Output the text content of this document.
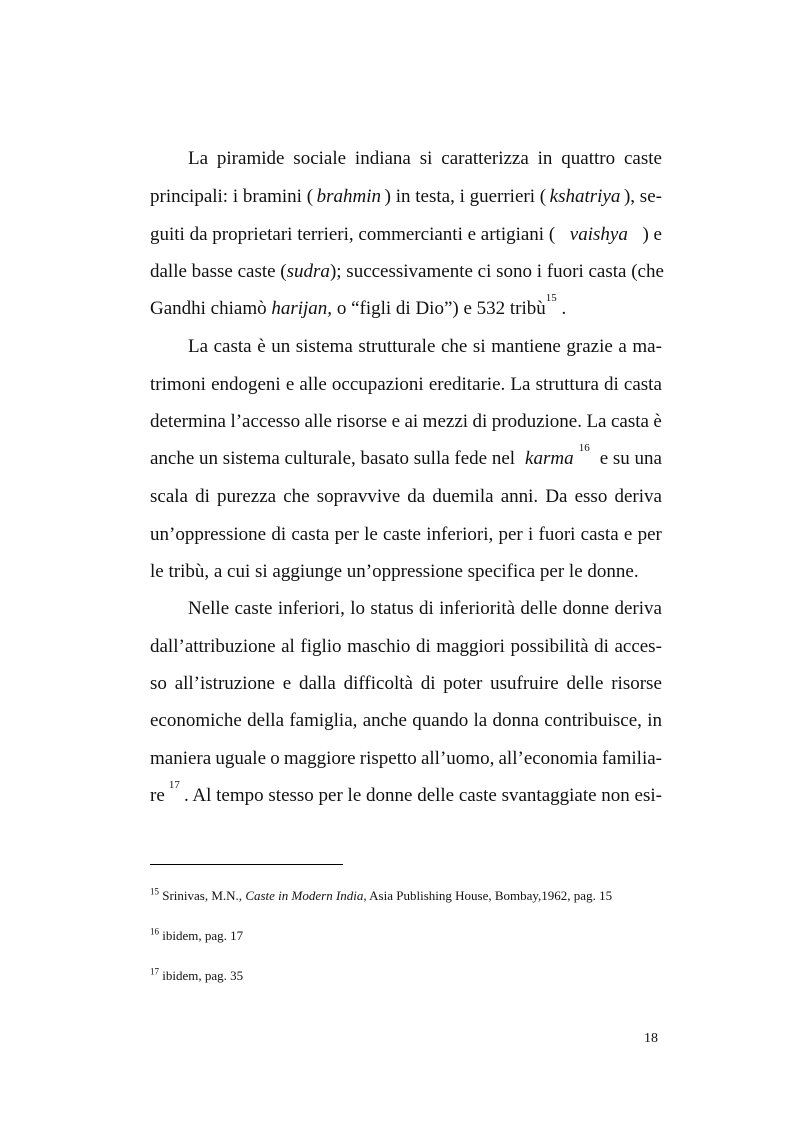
La piramide sociale indiana si caratterizza in quattro caste
principali: i bramini ( brahmin ) in testa, i guerrieri ( kshatriya ), se-
guiti da proprietari terrieri, commercianti e artigiani ( vaishya ) e
dalle basse caste ( sudra ); successivamente ci sono i fuori casta (che
Gandhi chiamò harijan, o “figli di Dio”) e 532 tribù 15 .
La casta è un sistema strutturale che si mantiene grazie a ma-
trimoni endogeni e alle occupazioni ereditarie. La struttura di casta
determina l’accesso alle risorse e ai mezzi di produzione. La casta è
anche un sistema culturale, basato sulla fede nel karma 16 e su una
scala di purezza che sopravvive da duemila anni. Da esso deriva
un’oppressione di casta per le caste inferiori, per i fuori casta e per
le tribù, a cui si aggiunge un’oppressione specifica per le donne.
Nelle caste inferiori, lo status di inferiorità delle donne deriva
dall’attribuzione al figlio maschio di maggiori possibilità di acces-
so all’istruzione e dalla difficoltà di poter usufruire delle risorse
economiche della famiglia, anche quando la donna contribuisce, in
maniera uguale o maggiore rispetto all’uomo, all’economia familia-
re 17 . Al tempo stesso per le donne delle caste svantaggiate non esi-
$^{15}$ Srinivas, M.N., Caste in Modern India, Asia Publishing House, Bombay,1962, pag. 15
$^{16}$ ibidem, pag. 17
$^{17}$ ibidem, pag. 35
18
